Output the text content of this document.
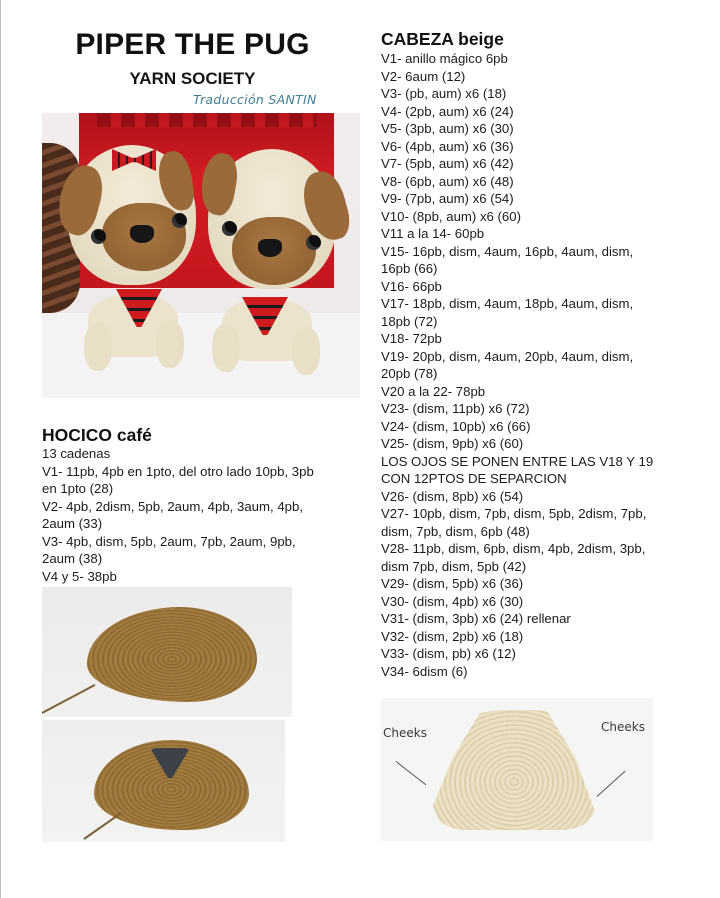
PIPER THE PUG
YARN SOCIETY
Traducción SANTIN
HOCICO café
13 cadenas
V1- 11pb, 4pb en 1pto, del otro lado 10pb, 3pb
en 1pto (28)
V2- 4pb, 2dism, 5pb, 2aum, 4pb, 3aum, 4pb,
2aum (33)
V3- 4pb, dism, 5pb, 2aum, 7pb, 2aum, 9pb,
2aum (38)
V4 y 5- 38pb
CABEZA beige
V1- anillo mágico 6pb
V2- 6aum (12)
V3- (pb, aum) x6 (18)
V4- (2pb, aum) x6 (24)
V5- (3pb, aum) x6 (30)
V6- (4pb, aum) x6 (36)
V7- (5pb, aum) x6 (42)
V8- (6pb, aum) x6 (48)
V9- (7pb, aum) x6 (54)
V10- (8pb, aum) x6 (60)
V11 a la 14- 60pb
V15- 16pb, dism, 4aum, 16pb, 4aum, dism,
16pb (66)
V16- 66pb
V17- 18pb, dism, 4aum, 18pb, 4aum, dism,
18pb (72)
V18- 72pb
V19- 20pb, dism, 4aum, 20pb, 4aum, dism,
20pb (78)
V20 a la 22- 78pb
V23- (dism, 11pb) x6 (72)
V24- (dism, 10pb) x6 (66)
V25- (dism, 9pb) x6 (60)
LOS OJOS SE PONEN ENTRE LAS V18 Y 19
CON 12PTOS DE SEPARCION
V26- (dism, 8pb) x6 (54)
V27- 10pb, dism, 7pb, dism, 5pb, 2dism, 7pb,
dism, 7pb, dism, 6pb (48)
V28- 11pb, dism, 6pb, dism, 4pb, 2dism, 3pb,
dism 7pb, dism, 5pb (42)
V29- (dism, 5pb) x6 (36)
V30- (dism, 4pb) x6 (30)
V31- (dism, 3pb) x6 (24) rellenar
V32- (dism, 2pb) x6 (18)
V33- (dism, pb) x6 (12)
V34- 6dism (6)
Cheeks	Cheeks
